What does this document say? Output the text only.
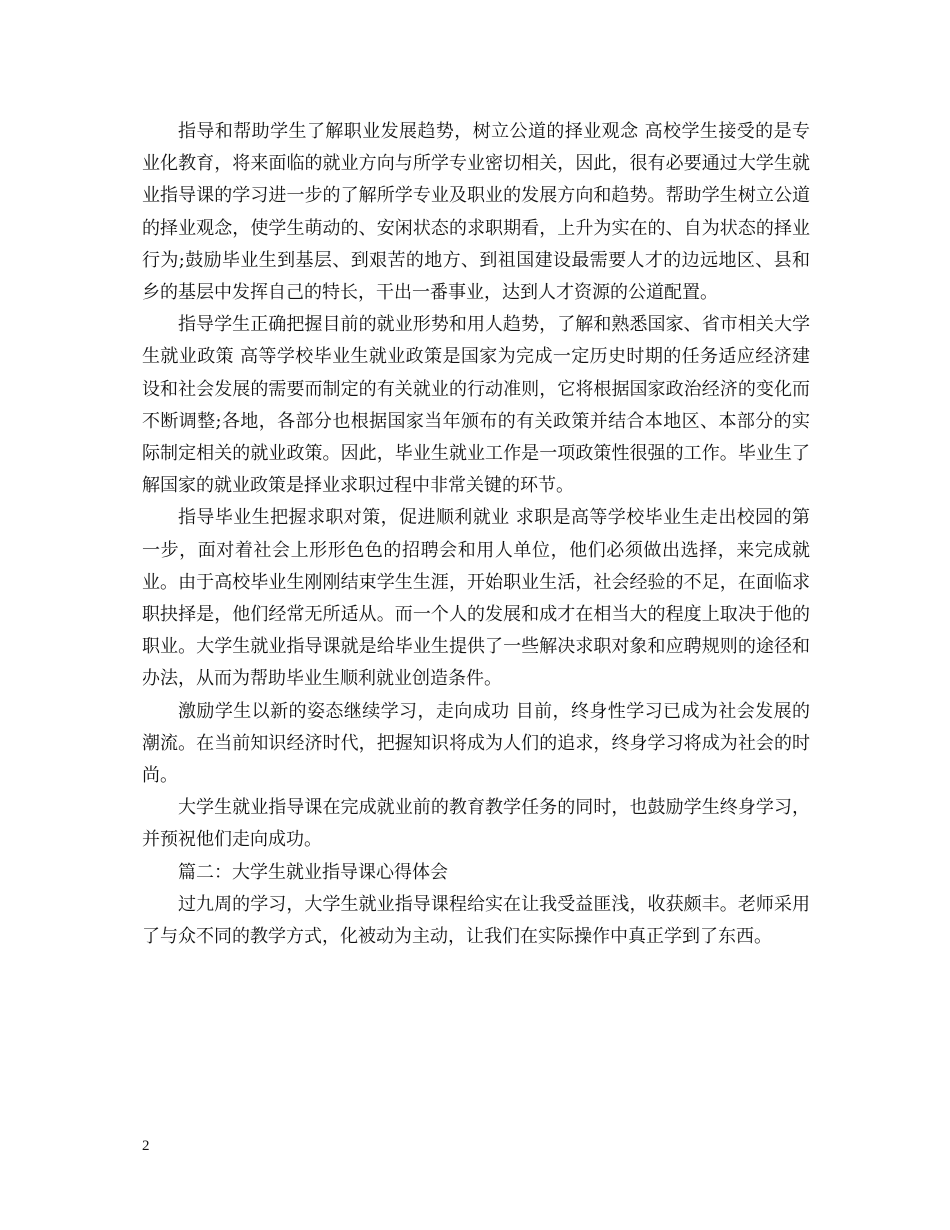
指导和帮助学生了解职业发展趋势，树立公道的择业观念 高校学生接受的是专业化教育，将来面临的就业方向与所学专业密切相关，因此，很有必要通过大学生就业指导课的学习进一步的了解所学专业及职业的发展方向和趋势。帮助学生树立公道的择业观念，使学生萌动的、安闲状态的求职期看，上升为实在的、自为状态的择业行为;鼓励毕业生到基层、到艰苦的地方、到祖国建设最需要人才的边远地区、县和乡的基层中发挥自己的特长，干出一番事业，达到人才资源的公道配置。

指导学生正确把握目前的就业形势和用人趋势，了解和熟悉国家、省市相关大学生就业政策 高等学校毕业生就业政策是国家为完成一定历史时期的任务适应经济建设和社会发展的需要而制定的有关就业的行动准则，它将根据国家政治经济的变化而不断调整;各地，各部分也根据国家当年颁布的有关政策并结合本地区、本部分的实际制定相关的就业政策。因此，毕业生就业工作是一项政策性很强的工作。毕业生了解国家的就业政策是择业求职过程中非常关键的环节。

指导毕业生把握求职对策，促进顺利就业 求职是高等学校毕业生走出校园的第一步，面对着社会上形形色色的招聘会和用人单位，他们必须做出选择，来完成就业。由于高校毕业生刚刚结束学生生涯，开始职业生活，社会经验的不足，在面临求职抉择是，他们经常无所适从。而一个人的发展和成才在相当大的程度上取决于他的职业。大学生就业指导课就是给毕业生提供了一些解决求职对象和应聘规则的途径和办法，从而为帮助毕业生顺利就业创造条件。

激励学生以新的姿态继续学习，走向成功 目前，终身性学习已成为社会发展的潮流。在当前知识经济时代，把握知识将成为人们的追求，终身学习将成为社会的时尚。

大学生就业指导课在完成就业前的教育教学任务的同时，也鼓励学生终身学习，并预祝他们走向成功。

篇二：大学生就业指导课心得体会

过九周的学习，大学生就业指导课程给实在让我受益匪浅，收获颇丰。老师采用了与众不同的教学方式，化被动为主动，让我们在实际操作中真正学到了东西。

2
